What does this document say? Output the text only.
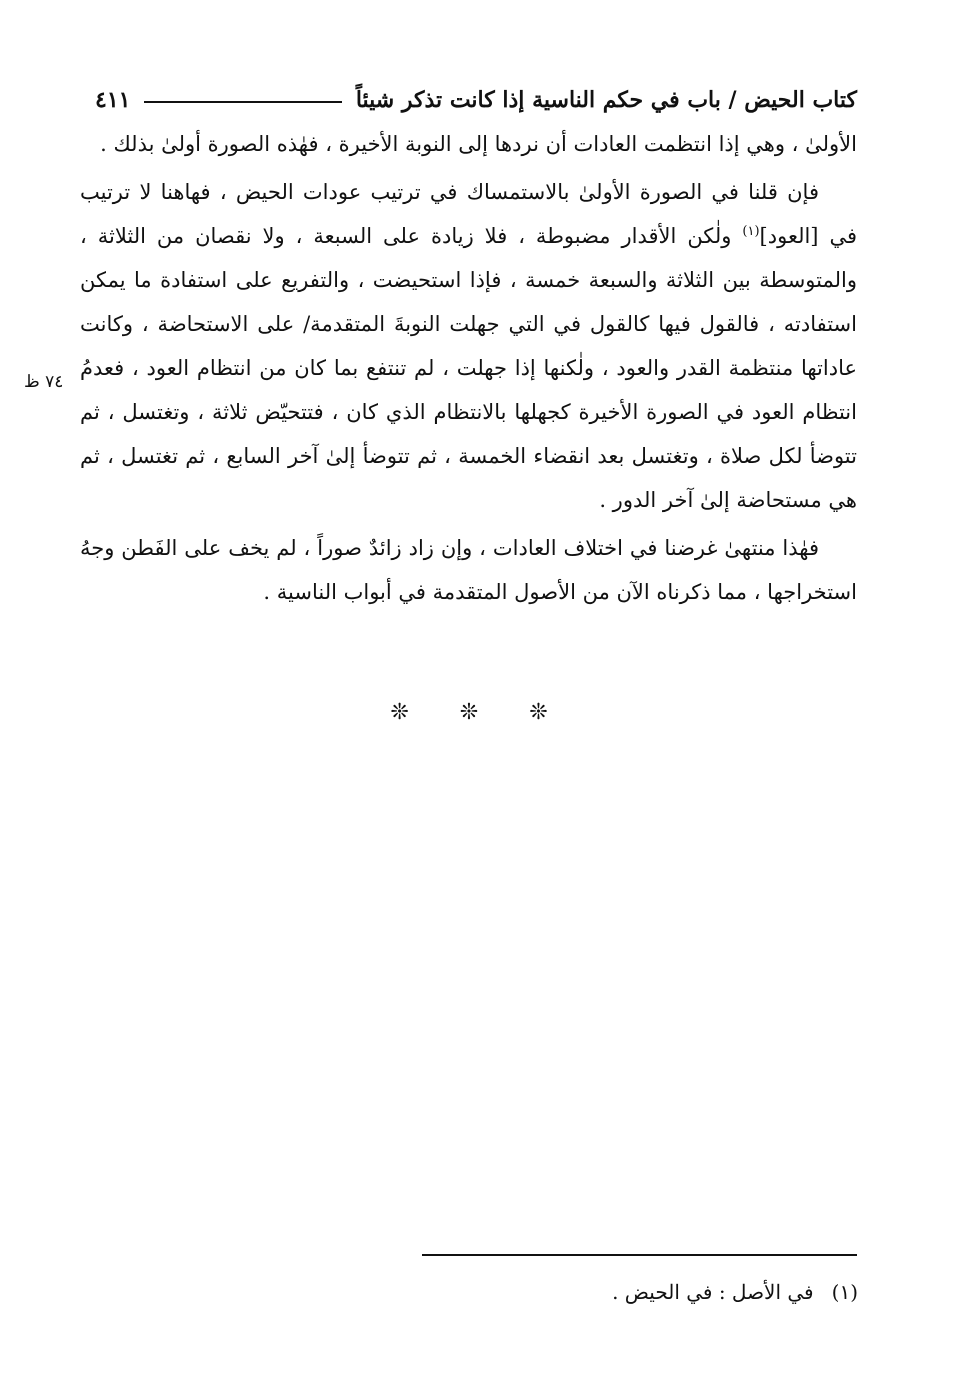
كتاب الحيض / باب في حكم الناسية إذا كانت تذكر شيئاً
٤١١

الأولىٰ ، وهي إذا انتظمت العادات أن نردها إلى النوبة الأخيرة ، فهٰذه الصورة أولىٰ بذلك .

فإن قلنا في الصورة الأولىٰ بالاستمساك في ترتيب عودات الحيض ، فهاهنا لا ترتيب في [العود]$^{(١)}$ ولٰكن الأقدار مضبوطة ، فلا زيادة على السبعة ، ولا نقصان من الثلاثة ، والمتوسطة بين الثلاثة والسبعة خمسة ، فإذا استحيضت ، والتفريع على استفادة ما يمكن استفادته ، فالقول فيها كالقول في التي جهلت النوبةَ المتقدمة/ على الاستحاضة ، وكانت عاداتها منتظمة القدر والعود ، ولٰكنها إذا جهلت ، لم تنتفع بما كان من انتظام العود ، فعدمُ انتظام العود في الصورة الأخيرة كجهلها بالانتظام الذي كان ، فتتحيّض ثلاثة ، وتغتسل ، ثم تتوضأ لكل صلاة ، وتغتسل بعد انقضاء الخمسة ، ثم تتوضأ إلىٰ آخر السابع ، ثم تغتسل ، ثم هي مستحاضة إلىٰ آخر الدور .

فهٰذا منتهىٰ غرضنا في اختلاف العادات ، وإن زاد زائدٌ صوراً ، لم يخف على الفَطن وجهُ استخراجها ، مما ذكرناه الآن من الأصول المتقدمة في أبواب الناسية .

٧٤ ظ
❊ ❊ ❊
(١)في الأصل : في الحيض .
